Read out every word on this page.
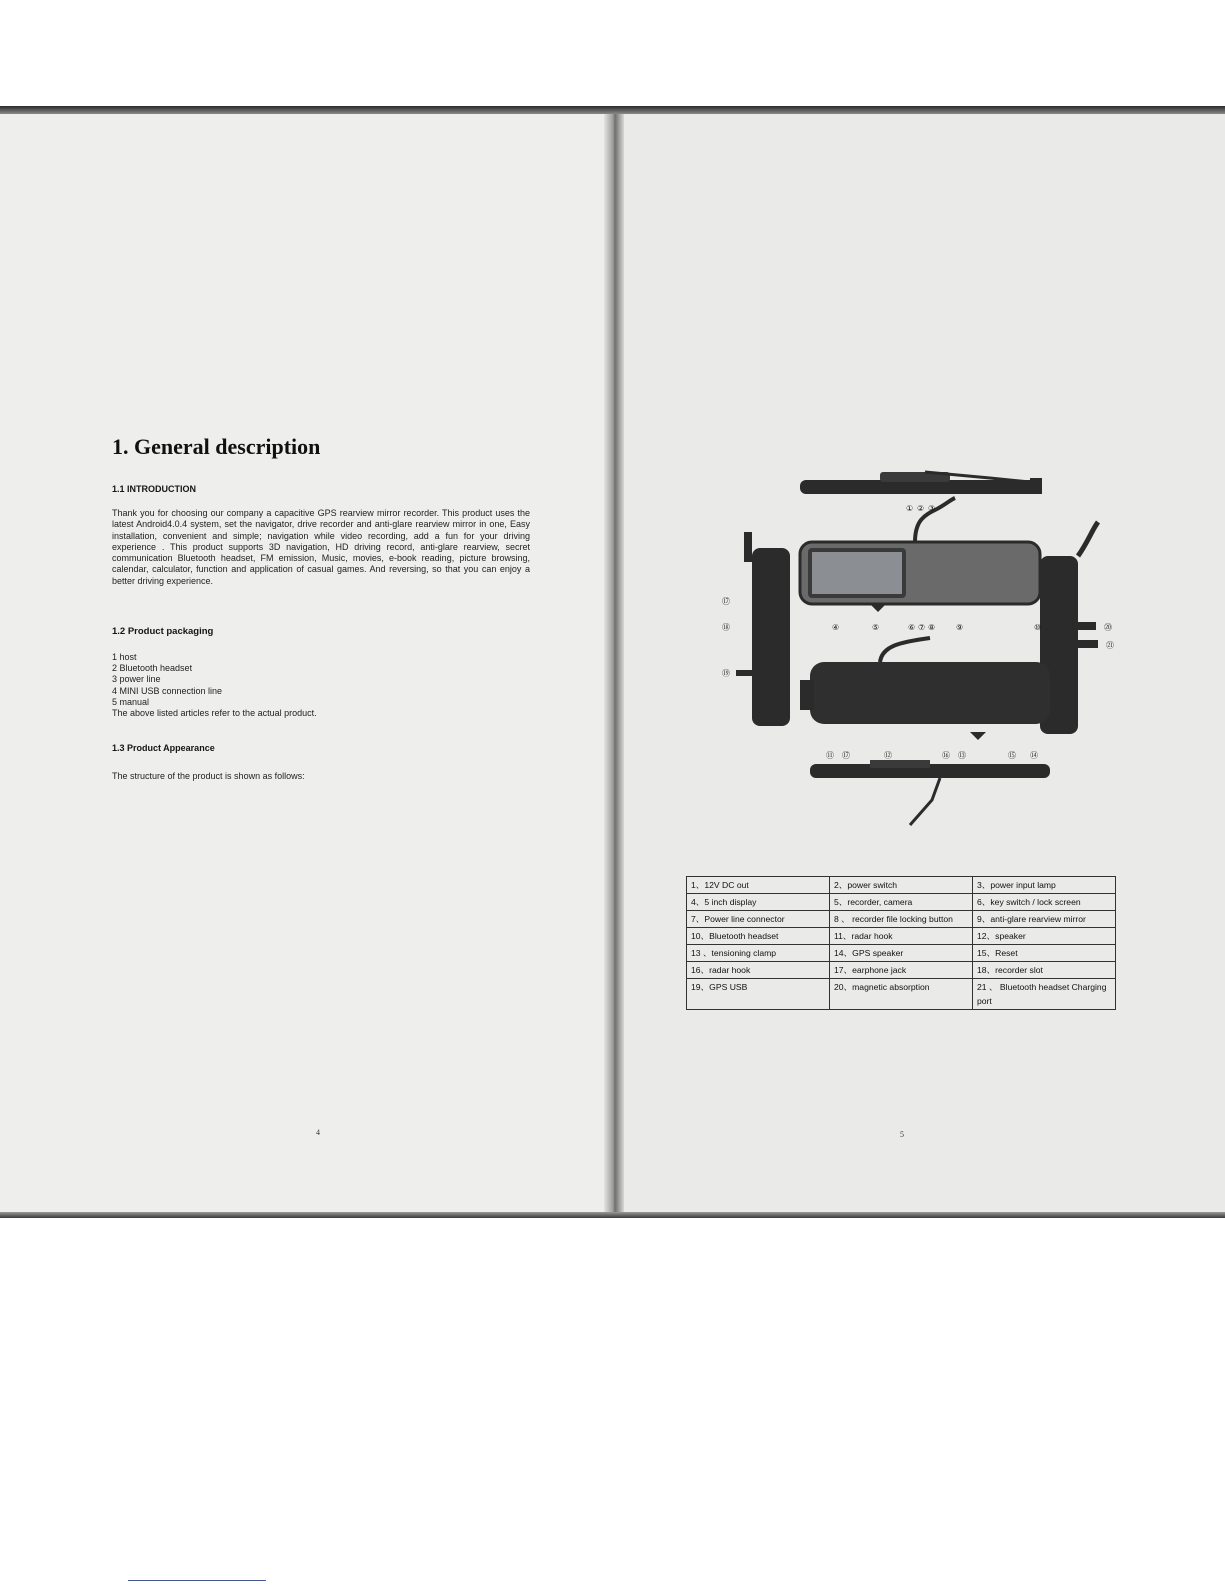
1. General description
1.1 INTRODUCTION
Thank you for choosing our company a capacitive GPS rearview mirror recorder. This product uses the latest Android4.0.4 system, set the navigator, drive recorder and anti-glare rearview mirror in one, Easy installation, convenient and simple; navigation while video recording, add a fun for your driving experience . This product supports 3D navigation, HD driving record, anti-glare rearview, secret communication Bluetooth headset, FM emission, Music, movies, e-book reading, picture browsing, calendar, calculator, function and application of casual games. And reversing, so that you can enjoy a better driving experience.
1.2 Product packaging
1 host
2 Bluetooth headset
3 power line
4 MINI USB connection line
5 manual
The above listed articles refer to the actual product.
1.3 Product Appearance
The structure of the product is shown as follows:
4
① ② ③
④	⑤	⑥ ⑦ ⑧	⑨	⑩
⑰
⑱
⑲
⑳
㉑
⑪ ⑰	⑫	⑯ ⑬	⑮ ⑭
1、12V DC out	2、power switch	3、power input lamp
4、5 inch display	5、recorder, camera	6、key switch / lock screen
7、Power line connector	8 、 recorder file locking button	9、anti-glare rearview mirror
10、Bluetooth headset	11、radar hook	12、speaker
13 、tensioning clamp	14、GPS speaker	15、Reset
16、radar hook	17、earphone jack	18、recorder slot
19、GPS USB	20、magnetic absorption	21 、 Bluetooth headset Charging port
5
